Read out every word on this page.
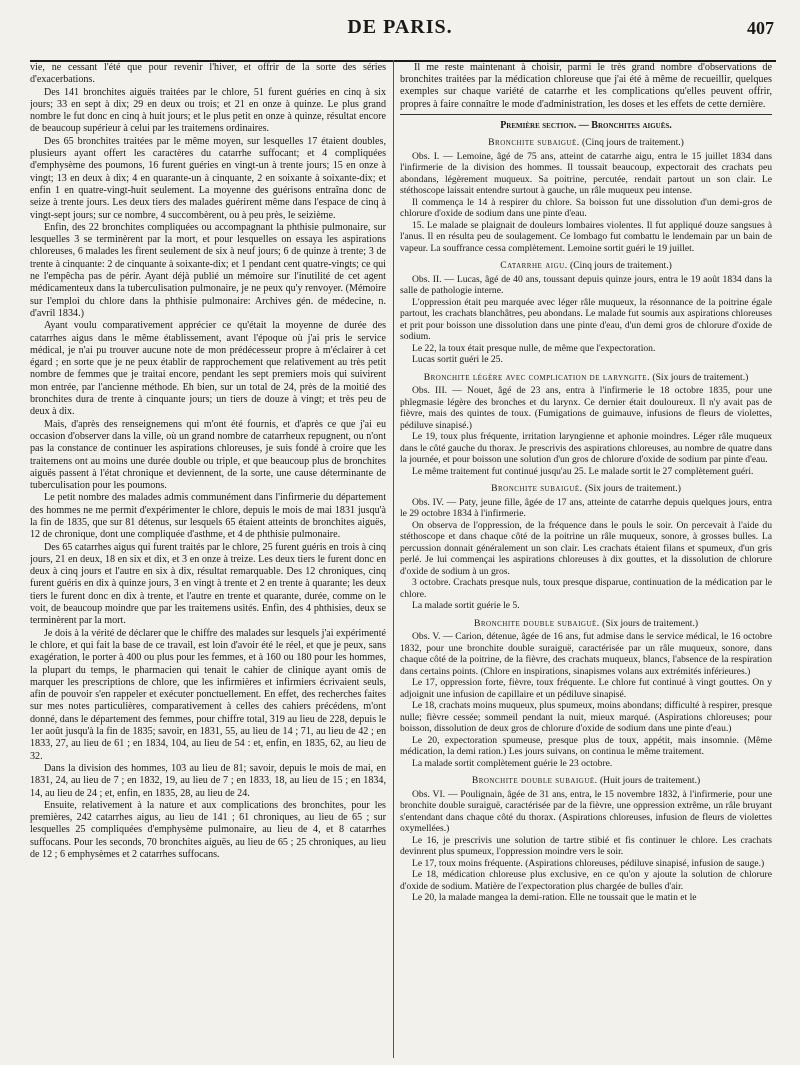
DE PARIS.	407

vie, ne cessant l'été que pour revenir l'hiver, et offrir de la sorte des séries d'exacerbations.

Des 141 bronchites aiguës traitées par le chlore, 51 furent guéries en cinq à six jours; 33 en sept à dix; 29 en deux ou trois; et 21 en onze à quinze. Le plus grand nombre le fut donc en cinq à huit jours; et le plus petit en onze à quinze, résultat encore de beaucoup supérieur à celui par les traitemens ordinaires.

Des 65 bronchites traitées par le même moyen, sur lesquelles 17 étaient doubles, plusieurs ayant offert les caractères du catarrhe suffocant; et 4 compliquées d'emphysème des poumons, 16 furent guéries en vingt-un à trente jours; 15 en onze à vingt; 13 en deux à dix; 4 en quarante-un à cinquante, 2 en soixante à soixante-dix; et enfin 1 en quatre-vingt-huit seulement. La moyenne des guérisons entraîna donc de seize à trente jours. Les deux tiers des malades guérirent même dans l'espace de cinq à vingt-sept jours; sur ce nombre, 4 succombèrent, ou à peu près, le seizième.

Enfin, des 22 bronchites compliquées ou accompagnant la phthisie pulmonaire, sur lesquelles 3 se terminèrent par la mort, et pour lesquelles on essaya les aspirations chloreuses, 6 malades les firent seulement de six à neuf jours; 6 de quinze à trente; 3 de trente à cinquante: 2 de cinquante à soixante-dix; et 1 pendant cent quatre-vingts; ce qui ne l'empêcha pas de périr. Ayant déjà publié un mémoire sur l'inutilité de cet agent médicamenteux dans la tuberculisation pulmonaire, je ne peux qu'y renvoyer. (Mémoire sur l'emploi du chlore dans la phthisie pulmonaire: Archives gén. de médecine, n. d'avril 1834.)

Ayant voulu comparativement apprécier ce qu'était la moyenne de durée des catarrhes aigus dans le même établissement, avant l'époque où j'ai pris le service médical, je n'ai pu trouver aucune note de mon prédécesseur propre à m'éclairer à cet égard ; en sorte que je ne peux établir de rapprochement que relativement au très petit nombre de femmes que je traitai encore, pendant les sept premiers mois qui suivirent mon entrée, par l'ancienne méthode. Eh bien, sur un total de 24, près de la moitié des bronchites dura de trente à cinquante jours; un tiers de douze à vingt; et très peu de deux à dix.

Mais, d'après des renseignemens qui m'ont été fournis, et d'après ce que j'ai eu occasion d'observer dans la ville, où un grand nombre de catarrheux repugnent, ou n'ont pas la constance de continuer les aspirations chloreuses, je suis fondé à croire que les traitemens ont au moins une durée double ou triple, et que beaucoup plus de bronchites aiguës passent à l'état chronique et deviennent, de la sorte, une cause déterminante de tuberculisation pour les poumons.

Le petit nombre des malades admis communément dans l'infirmerie du département des hommes ne me permit d'expérimenter le chlore, depuis le mois de mai 1831 jusqu'à la fin de 1835, que sur 81 détenus, sur lesquels 65 étaient atteints de bronchites aiguës, 12 de chronique, dont une compliquée d'asthme, et 4 de phthisie pulmonaire.

Des 65 catarrhes aigus qui furent traités par le chlore, 25 furent guéris en trois à cinq jours, 21 en deux, 18 en six et dix, et 3 en onze à treize. Les deux tiers le furent donc en deux à cinq jours et l'autre en six à dix, résultat remarquable. Des 12 chroniques, cinq furent guéris en dix à quinze jours, 3 en vingt à trente et 2 en trente à quarante; les deux tiers le furent donc en dix à trente, et l'autre en trente et quarante, durée, comme on le voit, de beaucoup moindre que par les traitemens usités. Enfin, des 4 phthisies, deux se terminèrent par la mort.

Je dois à la vérité de déclarer que le chiffre des malades sur lesquels j'ai expérimenté le chlore, et qui fait la base de ce travail, est loin d'avoir été le réel, et que je peux, sans exagération, le porter à 400 ou plus pour les femmes, et à 160 ou 180 pour les hommes, la plupart du temps, le pharmacien qui tenait le cahier de clinique ayant omis de marquer les prescriptions de chlore, que les infirmières et infirmiers écrivaient seuls, afin de pouvoir s'en rappeler et exécuter ponctuellement. En effet, des recherches faites sur mes notes particulières, comparativement à celles des cahiers précédens, m'ont donné, dans le département des femmes, pour chiffre total, 319 au lieu de 228, depuis le 1er août jusqu'à la fin de 1835; savoir, en 1831, 55, au lieu de 14 ; 71, au lieu de 42 ; en 1833, 27, au lieu de 61 ; en 1834, 104, au lieu de 54 : et, enfin, en 1835, 62, au lieu de 32.

Dans la division des hommes, 103 au lieu de 81; savoir, depuis le mois de mai, en 1831, 24, au lieu de 7 ; en 1832, 19, au lieu de 7 ; en 1833, 18, au lieu de 15 ; en 1834, 14, au lieu de 24 ; et, enfin, en 1835, 28, au lieu de 24.

Ensuite, relativement à la nature et aux complications des bronchites, pour les premières, 242 catarrhes aigus, au lieu de 141 ; 61 chroniques, au lieu de 65 ; sur lesquelles 25 compliquées d'emphysème pulmonaire, au lieu de 4, et 8 catarrhes suffocans. Pour les seconds, 70 bronchites aiguës, au lieu de 65 ; 25 chroniques, au lieu de 12 ; 6 emphysèmes et 2 catarrhes suffocans.

Il me reste maintenant à choisir, parmi le très grand nombre d'observations de bronchites traitées par la médication chloreuse que j'ai été à même de recueillir, quelques exemples sur chaque variété de catarrhe et les complications qu'elles peuvent offrir, propres à faire connaître le mode d'administration, les doses et les effets de cette dernière.

Première section. — Bronchites aiguës.
Bronchite subaiguë. (Cinq jours de traitement.)

Obs. I. — Lemoine, âgé de 75 ans, atteint de catarrhe aigu, entra le 15 juillet 1834 dans l'infirmerie de la division des hommes. Il toussait beaucoup, expectorait des crachats peu abondans, légèrement muqueux. Sa poitrine, percutée, rendait partout un son clair. Le stéthoscope laissait entendre surtout à gauche, un râle muqueux peu intense.

Il commença le 14 à respirer du chlore. Sa boisson fut une dissolution d'un demi-gros de chlorure d'oxide de sodium dans une pinte d'eau.

15. Le malade se plaignait de douleurs lombaires violentes. Il fut appliqué douze sangsues à l'anus. Il en résulta peu de soulagement. Ce lombago fut combattu le lendemain par un bain de vapeur. La souffrance cessa complètement. Lemoine sortit guéri le 19 juillet.

Catarrhe aigu. (Cinq jours de traitement.)

Obs. II. — Lucas, âgé de 40 ans, toussant depuis quinze jours, entra le 19 août 1834 dans la salle de pathologie interne.

L'oppression était peu marquée avec léger râle muqueux, la résonnance de la poitrine égale partout, les crachats blanchâtres, peu abondans. Le malade fut soumis aux aspirations chloreuses et prit pour boisson une dissolution dans une pinte d'eau, d'un demi gros de chlorure d'oxide de sodium.

Le 22, la toux était presque nulle, de même que l'expectoration.

Lucas sortit guéri le 25.

Bronchite légère avec complication de laryngite. (Six jours de traitement.)

Obs. III. — Nouet, âgé de 23 ans, entra à l'infirmerie le 18 octobre 1835, pour une phlegmasie légère des bronches et du larynx. Ce dernier était douloureux. Il n'y avait pas de fièvre, mais des quintes de toux. (Fumigations de guimauve, infusions de fleurs de violettes, pédiluve sinapisé.)

Le 19, toux plus fréquente, irritation laryngienne et aphonie moindres. Léger râle muqueux dans le côté gauche du thorax. Je prescrivis des aspirations chloreuses, au nombre de quatre dans la journée, et pour boisson une solution d'un gros de chlorure d'oxide de sodium par pinte d'eau.

Le même traitement fut continué jusqu'au 25. Le malade sortit le 27 complètement guéri.

Bronchite subaiguë. (Six jours de traitement.)

Obs. IV. — Paty, jeune fille, âgée de 17 ans, atteinte de catarrhe depuis quelques jours, entra le 29 octobre 1834 à l'infirmerie.

On observa de l'oppression, de la fréquence dans le pouls le soir. On percevait à l'aide du stéthoscope et dans chaque côté de la poitrine un râle muqueux, sonore, à grosses bulles. La percussion donnait généralement un son clair. Les crachats étaient filans et spumeux, d'un gris perlé. Je lui commençai les aspirations chloreuses à dix gouttes, et la dissolution de chlorure d'oxide de sodium à un gros.

3 octobre. Crachats presque nuls, toux presque disparue, continuation de la médication par le chlore.

La malade sortit guérie le 5.

Bronchite double subaiguë. (Six jours de traitement.)

Obs. V. — Carion, détenue, âgée de 16 ans, fut admise dans le service médical, le 16 octobre 1832, pour une bronchite double suraiguë, caractérisée par un râle muqueux, sonore, dans chaque côté de la poitrine, de la fièvre, des crachats muqueux, blancs, l'absence de la respiration dans certains points. (Chlore en inspirations, sinapismes volans aux extrémités inférieures.)

Le 17, oppression forte, fièvre, toux fréquente. Le chlore fut continué à vingt gouttes. On y adjoignit une infusion de capillaire et un pédiluve sinapisé.

Le 18, crachats moins muqueux, plus spumeux, moins abondans; difficulté à respirer, presque nulle; fièvre cessée; sommeil pendant la nuit, mieux marqué. (Aspirations chloreuses; pour boisson, dissolution de deux gros de chlorure d'oxide de sodium dans une pinte d'eau.)

Le 20, expectoration spumeuse, presque plus de toux, appétit, mais insomnie. (Même médication, la demi ration.) Les jours suivans, on continua le même traitement.

La malade sortit complètement guérie le 23 octobre.

Bronchite double subaiguë. (Huit jours de traitement.)

Obs. VI. — Poulignain, âgée de 31 ans, entra, le 15 novembre 1832, à l'infirmerie, pour une bronchite double suraiguë, caractérisée par de la fièvre, une oppression extrême, un râle bruyant s'entendant dans chaque côté du thorax. (Aspirations chloreuses, infusion de fleurs de violettes oxymellées.)

Le 16, je prescrivis une solution de tartre stibié et fis continuer le chlore. Les crachats devinrent plus spumeux, l'oppression moindre vers le soir.

Le 17, toux moins fréquente. (Aspirations chloreuses, pédiluve sinapisé, infusion de sauge.)

Le 18, médication chloreuse plus exclusive, en ce qu'on y ajoute la solution de chlorure d'oxide de sodium. Matière de l'expectoration plus chargée de bulles d'air.

Le 20, la malade mangea la demi-ration. Elle ne toussait que le matin et le
